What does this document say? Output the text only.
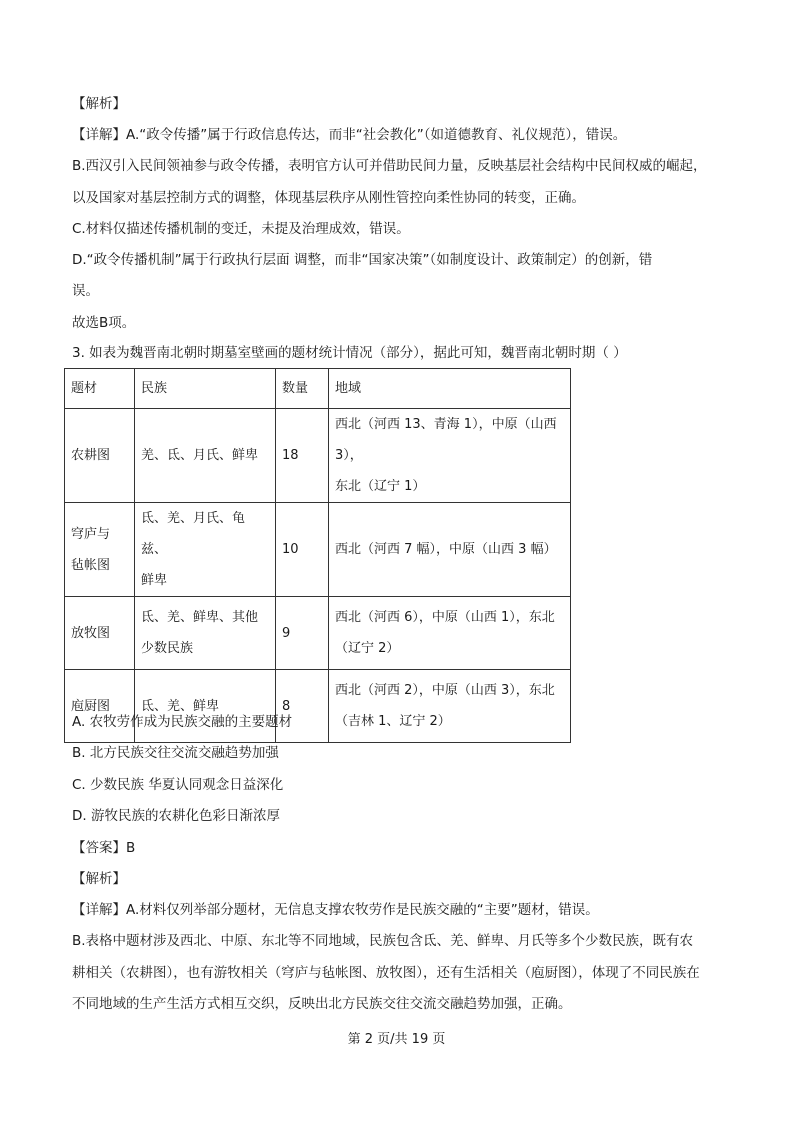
【解析】
【详解】A.“政令传播”属于行政信息传达，而非“社会教化”（如道德教育、礼仪规范），错误。
B.西汉引入民间领袖参与政令传播，表明官方认可并借助民间力量，反映基层社会结构中民间权威的崛起，
以及国家对基层控制方式的调整，体现基层秩序从刚性管控向柔性协同的转变，正确。
C.材料仅描述传播机制的变迁，未提及治理成效，错误。
D.“政令传播机制”属于行政执行层面 调整，而非“国家决策”（如制度设计、政策制定）的创新，错
误。
故选B项。
3. 如表为魏晋南北朝时期墓室壁画的题材统计情况（部分），据此可知，魏晋南北朝时期（ ）
题材	民族	数量	地域

农耕图	羌、氐、月氏、鲜卑	18	西北（河西 13、青海 1），中原（山西 3），
东北（辽宁 1）

穹庐与
毡帐图	氐、羌、月氏、龟兹、
鲜卑	10	西北（河西 7 幅），中原（山西 3 幅）

放牧图	氐、羌、鲜卑、其他
少数民族	9	西北（河西 6），中原（山西 1），东北
（辽宁 2）

庖厨图	氐、羌、鲜卑	8	西北（河西 2），中原（山西 3），东北
（吉林 1、辽宁 2）
A. 农牧劳作成为民族交融的主要题材
B. 北方民族交往交流交融趋势加强
C. 少数民族 华夏认同观念日益深化
D. 游牧民族的农耕化色彩日渐浓厚
【答案】B
【解析】
【详解】A.材料仅列举部分题材，无信息支撑农牧劳作是民族交融的“主要”题材，错误。
B.表格中题材涉及西北、中原、东北等不同地域，民族包含氐、羌、鲜卑、月氏等多个少数民族，既有农
耕相关（农耕图），也有游牧相关（穹庐与毡帐图、放牧图），还有生活相关（庖厨图），体现了不同民族在
不同地域的生产生活方式相互交织，反映出北方民族交往交流交融趋势加强，正确。
第 2 页/共 19 页
